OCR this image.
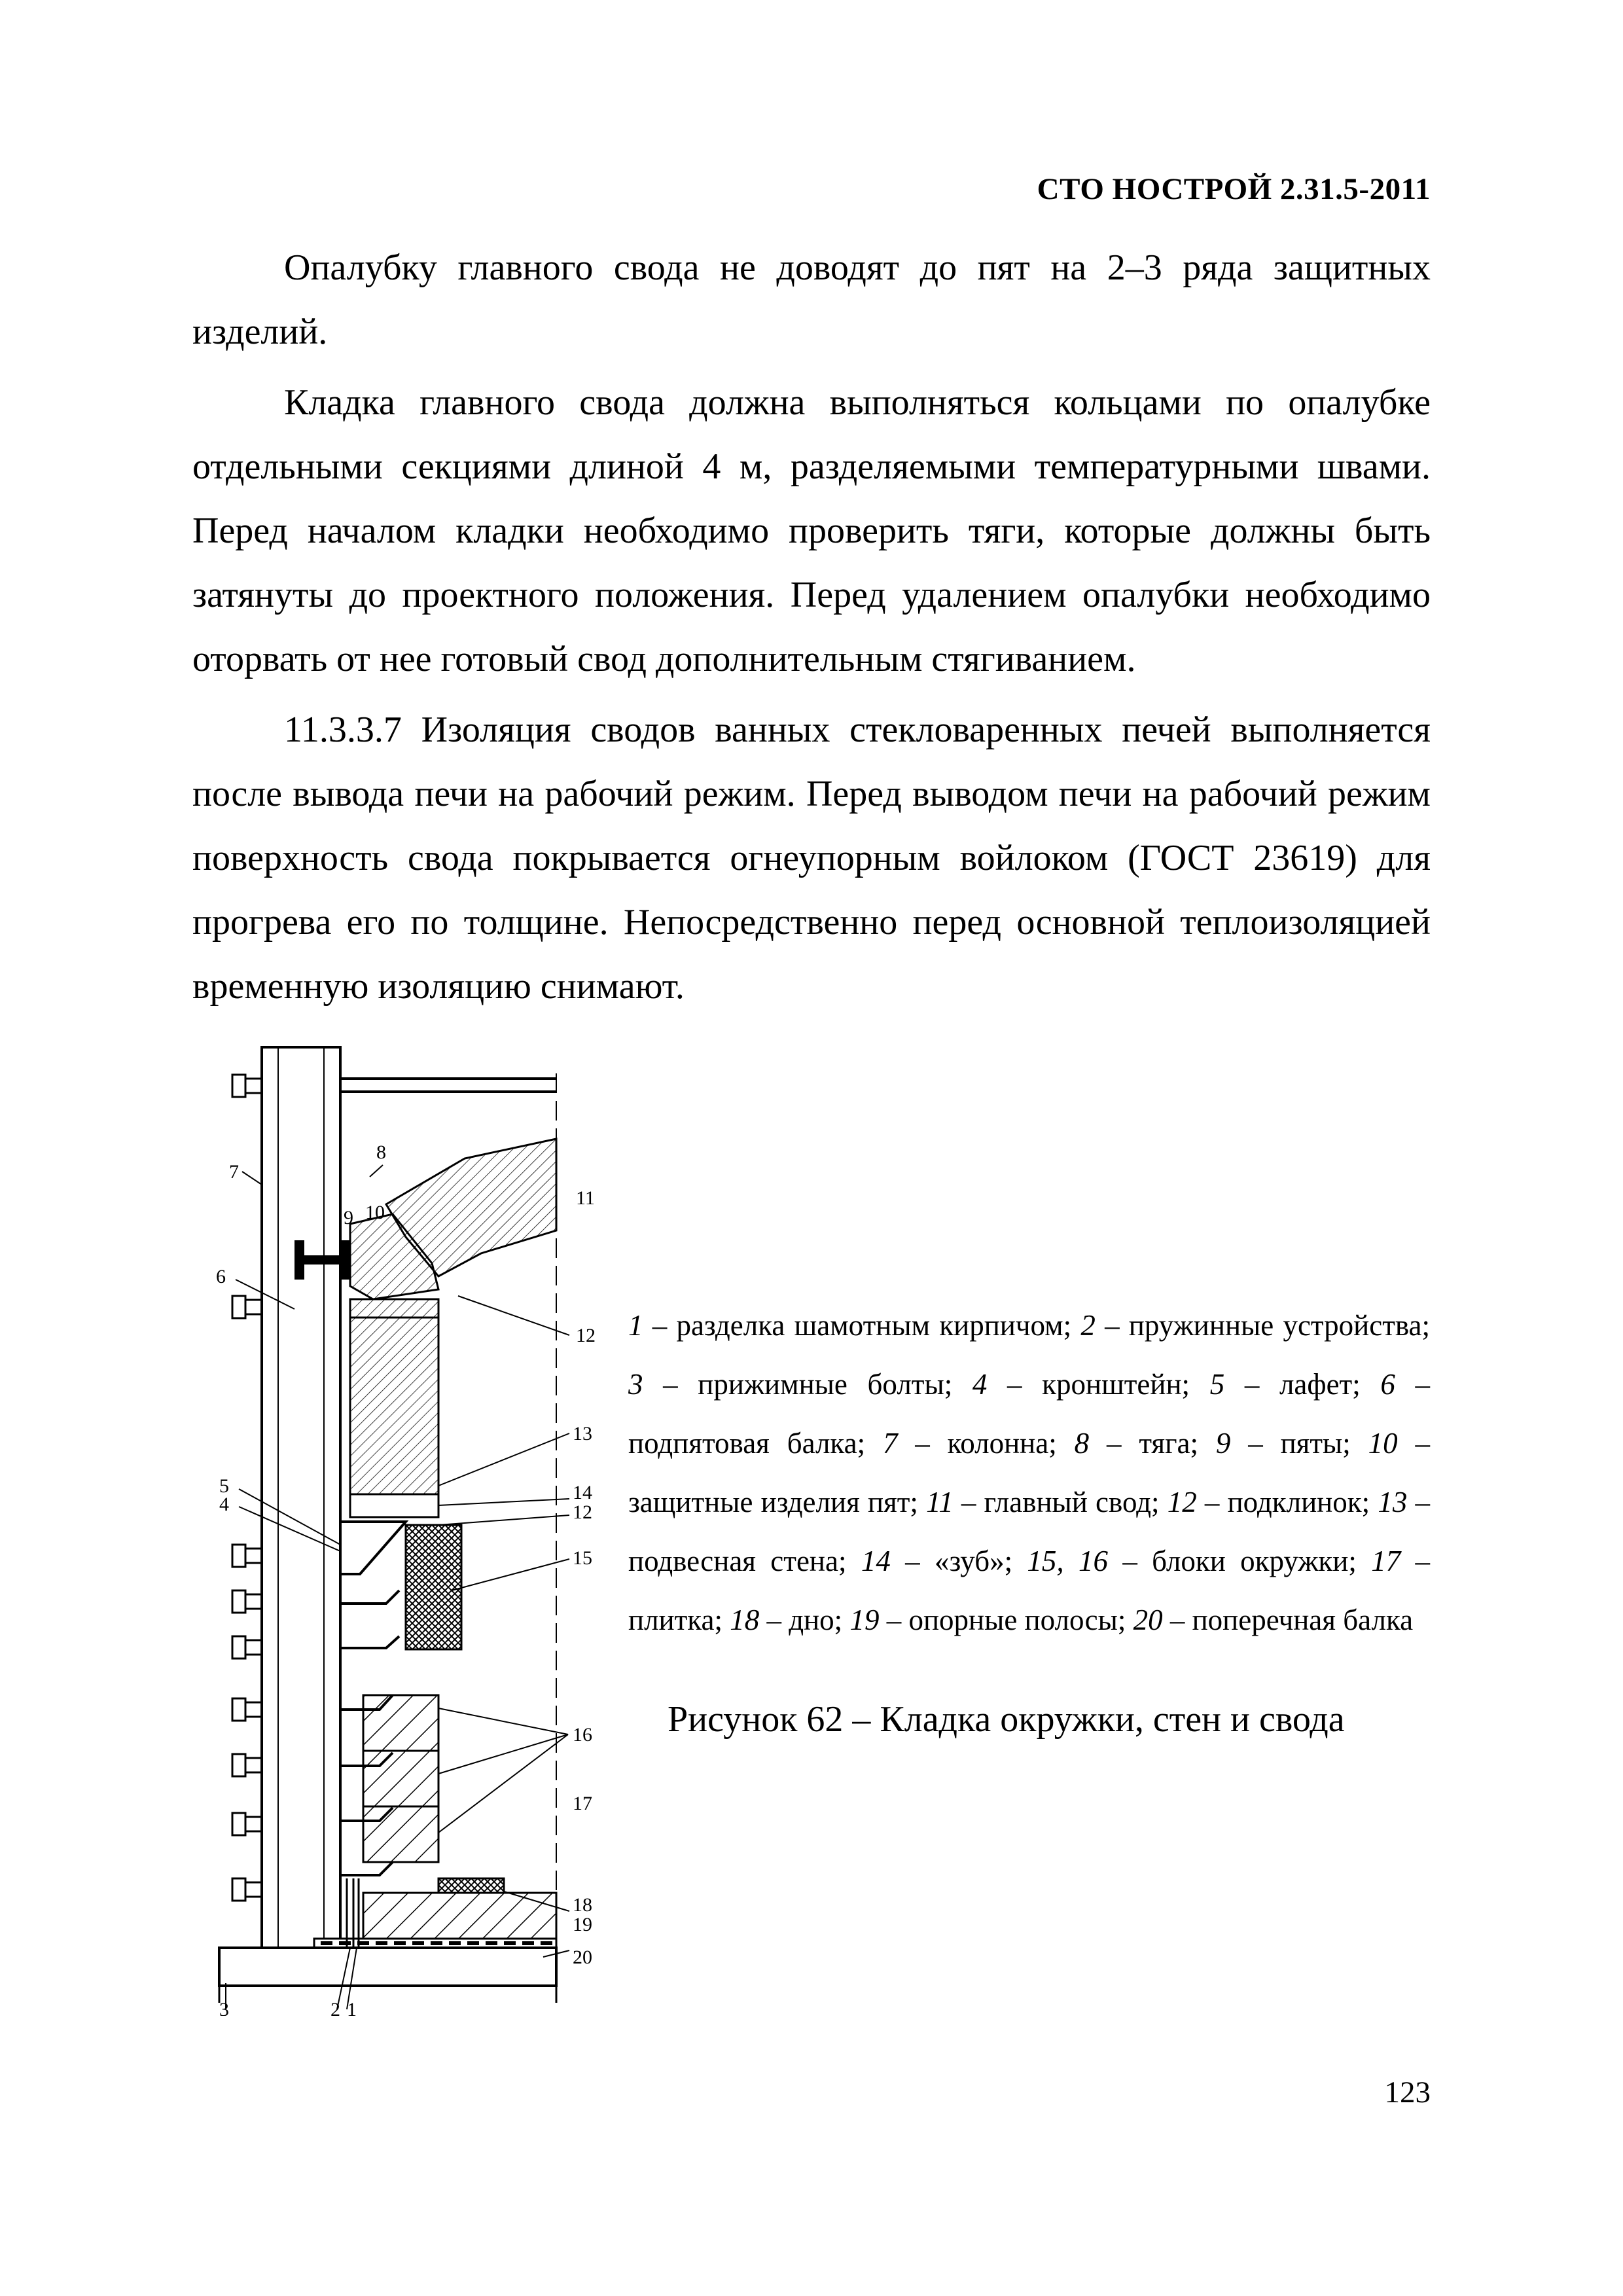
СТО НОСТРОЙ 2.31.5-2011

Опалубку главного свода не доводят до пят на 2–3 ряда защитных изделий.

Кладка главного свода должна выполняться кольцами по опалубке отдельными секциями длиной 4 м, разделяемыми температурными швами. Перед началом кладки необходимо проверить тяги, которые должны быть затянуты до проектного положения. Перед удалением опалубки необходимо оторвать от нее готовый свод дополнительным стягиванием.

11.3.3.7 Изоляция сводов ванных стекловаренных печей выполняется после вывода печи на рабочий режим. Перед выводом печи на рабочий режим поверхность свода покрывается огнеупорным войлоком (ГОСТ 23619) для прогрева его по толщине. Непосредственно перед основной теплоизоляцией временную изоляцию снимают.

8
7
11
9 10
6
12
13
14
12
15
5
4
16
17
18
19
20
3	2 1
1 – разделка шамотным кирпичом; 2 – пружинные устройства; 3 – прижимные болты; 4 – кронштейн; 5 – лафет; 6 – подпятовая балка; 7 – колонна; 8 – тяга; 9 – пяты; 10 – защитные изделия пят; 11 – главный свод; 12 – подклинок; 13 – подвесная стена; 14 – «зуб»; 15, 16 – блоки окружки; 17 – плитка; 18 – дно; 19 – опорные полосы; 20 – поперечная балка
Рисунок 62 – Кладка окружки, стен и свода
123
